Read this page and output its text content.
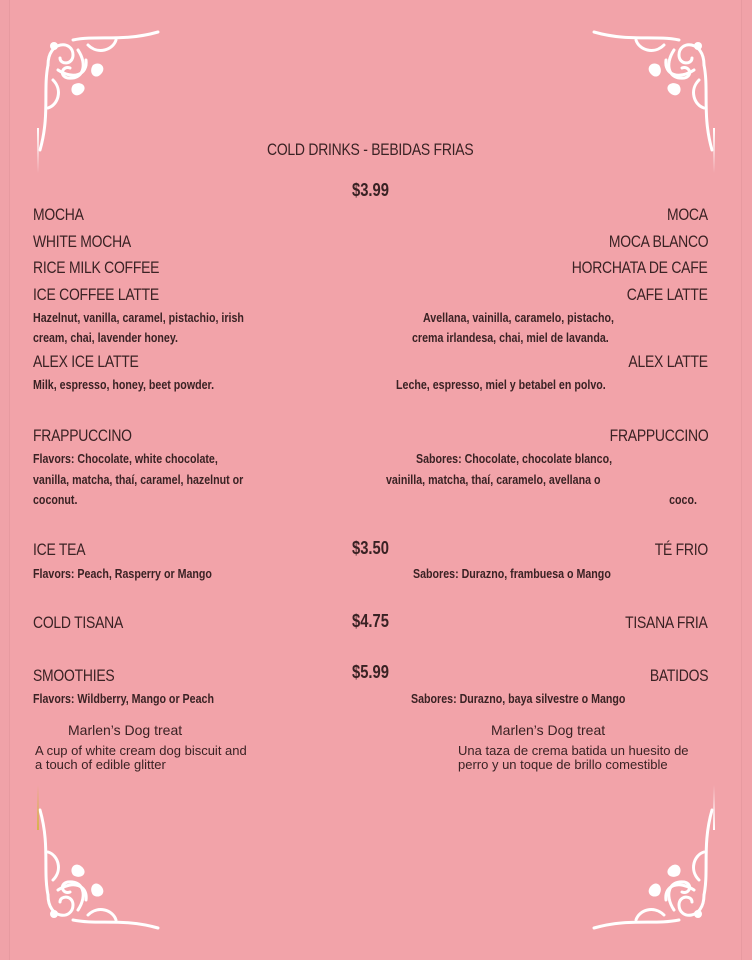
COLD DRINKS - BEBIDAS FRIAS
$3.99
MOCHA
WHITE MOCHA
RICE MILK COFFEE
ICE COFFEE LATTE
Hazelnut, vanilla, caramel, pistachio, irish
cream, chai, lavender honey.
ALEX ICE LATTE
Milk, espresso, honey, beet powder.
FRAPPUCCINO
Flavors: Chocolate, white chocolate,
vanilla, matcha, thaí, caramel, hazelnut or
coconut.
ICE TEA
Flavors: Peach, Rasperry or Mango
COLD TISANA
SMOOTHIES
Flavors: Wildberry, Mango or Peach
$3.50
$4.75
$5.99
MOCA
MOCA BLANCO
HORCHATA DE CAFE
CAFE LATTE
Avellana, vainilla, caramelo, pistacho,
crema irlandesa, chai, miel de lavanda.
ALEX LATTE
Leche, espresso, miel y betabel en polvo.
FRAPPUCCINO
Sabores: Chocolate, chocolate blanco,
vainilla, matcha, thaí, caramelo, avellana o
coco.
TÉ FRIO
Sabores: Durazno, frambuesa o Mango
TISANA FRIA
BATIDOS
Sabores: Durazno, baya silvestre o Mango
Marlen’s Dog treat
A cup of white cream dog biscuit and a touch of edible glitter
Marlen’s Dog treat
Una taza de crema batida un huesito de perro y un toque de brillo comestible
